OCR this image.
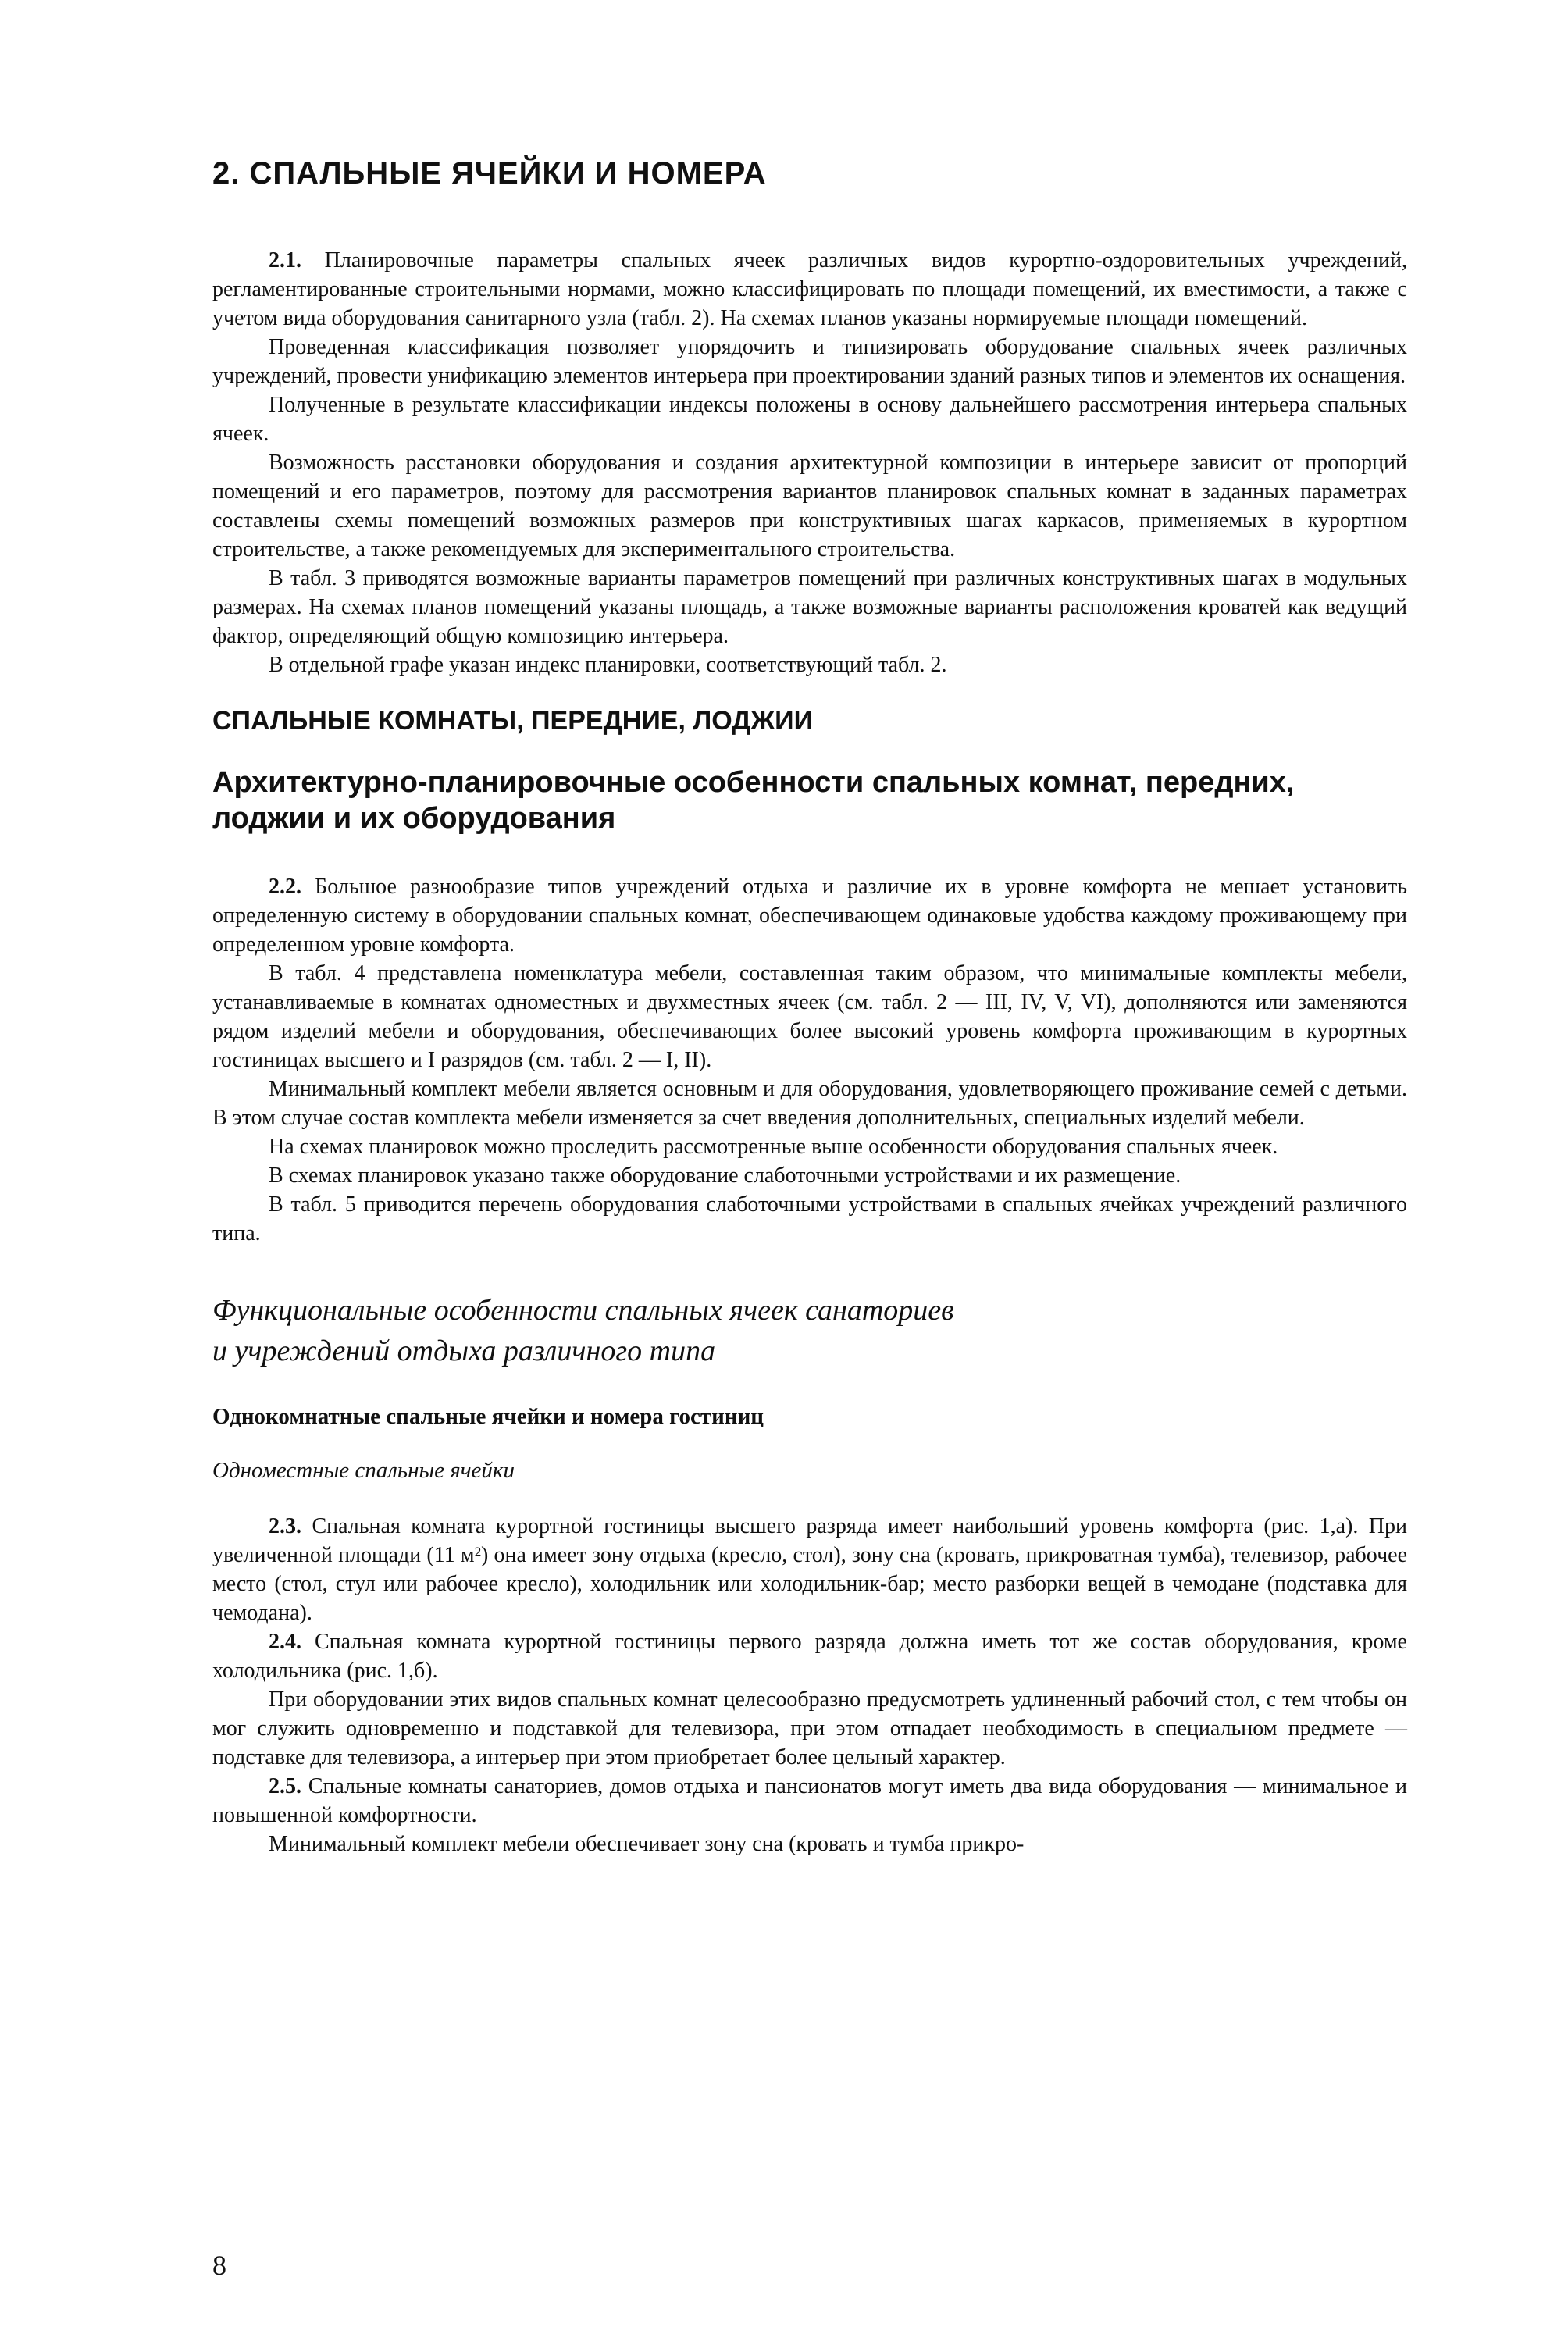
2. СПАЛЬНЫЕ ЯЧЕЙКИ И НОМЕРА

2.1. Планировочные параметры спальных ячеек различных видов курортно-оздоровительных учреждений, регламентированные строительными нормами, можно классифицировать по площади помещений, их вместимости, а также с учетом вида оборудования санитарного узла (табл. 2). На схемах планов указаны нормируемые площади помещений.

Проведенная классификация позволяет упорядочить и типизировать оборудование спальных ячеек различных учреждений, провести унификацию элементов интерьера при проектировании зданий разных типов и элементов их оснащения.

Полученные в результате классификации индексы положены в основу дальнейшего рассмотрения интерьера спальных ячеек.

Возможность расстановки оборудования и создания архитектурной композиции в интерьере зависит от пропорций помещений и его параметров, поэтому для рассмотрения вариантов планировок спальных комнат в заданных параметрах составлены схемы помещений возможных размеров при конструктивных шагах каркасов, применяемых в курортном строительстве, а также рекомендуемых для экспериментального строительства.

В табл. 3 приводятся возможные варианты параметров помещений при различных конструктивных шагах в модульных размерах. На схемах планов помещений указаны площадь, а также возможные варианты расположения кроватей как ведущий фактор, определяющий общую композицию интерьера.

В отдельной графе указан индекс планировки, соответствующий табл. 2.

СПАЛЬНЫЕ КОМНАТЫ, ПЕРЕДНИЕ, ЛОДЖИИ
Архитектурно-планировочные особенности спальных комнат, передних, лоджии и их оборудования

2.2. Большое разнообразие типов учреждений отдыха и различие их в уровне комфорта не мешает установить определенную систему в оборудовании спальных комнат, обеспечивающем одинаковые удобства каждому проживающему при определенном уровне комфорта.

В табл. 4 представлена номенклатура мебели, составленная таким образом, что минимальные комплекты мебели, устанавливаемые в комнатах одноместных и двухместных ячеек (см. табл. 2 — III, IV, V, VI), дополняются или заменяются рядом изделий мебели и оборудования, обеспечивающих более высокий уровень комфорта проживающим в курортных гостиницах высшего и I разрядов (см. табл. 2 — I, II).

Минимальный комплект мебели является основным и для оборудования, удовлетворяющего проживание семей с детьми. В этом случае состав комплекта мебели изменяется за счет введения дополнительных, специальных изделий мебели.

На схемах планировок можно проследить рассмотренные выше особенности оборудования спальных ячеек.

В схемах планировок указано также оборудование слаботочными устройствами и их размещение.

В табл. 5 приводится перечень оборудования слаботочными устройствами в спальных ячейках учреждений различного типа.

Функциональные особенности спальных ячеек санаториев
и учреждений отдыха различного типа
Однокомнатные спальные ячейки и номера гостиниц
Одноместные спальные ячейки

2.3. Спальная комната курортной гостиницы высшего разряда имеет наибольший уровень комфорта (рис. 1,а). При увеличенной площади (11 м²) она имеет зону отдыха (кресло, стол), зону сна (кровать, прикроватная тумба), телевизор, рабочее место (стол, стул или рабочее кресло), холодильник или холодильник-бар; место разборки вещей в чемодане (подставка для чемодана).

2.4. Спальная комната курортной гостиницы первого разряда должна иметь тот же состав оборудования, кроме холодильника (рис. 1,б).

При оборудовании этих видов спальных комнат целесообразно предусмотреть удлиненный рабочий стол, с тем чтобы он мог служить одновременно и подставкой для телевизора, при этом отпадает необходимость в специальном предмете — подставке для телевизора, а интерьер при этом приобретает более цельный характер.

2.5. Спальные комнаты санаториев, домов отдыха и пансионатов могут иметь два вида оборудования — минимальное и повышенной комфортности.

Минимальный комплект мебели обеспечивает зону сна (кровать и тумба прикро-

8
